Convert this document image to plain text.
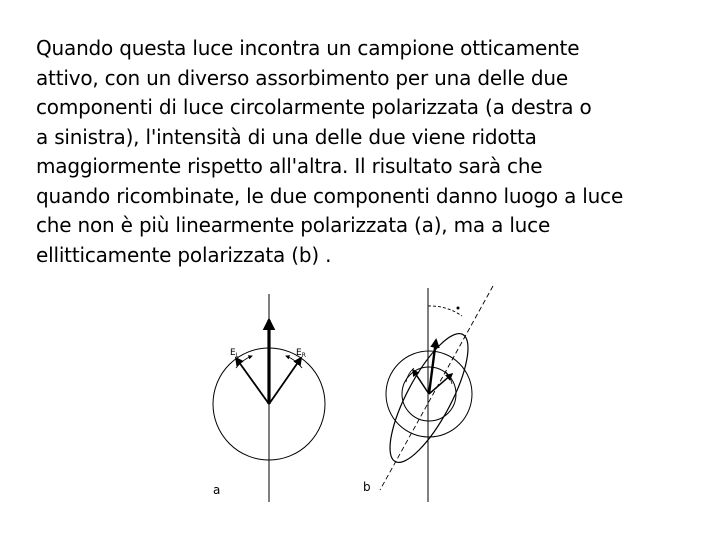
Quando questa luce incontra un campione otticamente
attivo, con un diverso assorbimento per una delle due
componenti di luce circolarmente polarizzata (a destra o
a sinistra), l'intensità di una delle due viene ridotta
maggiormente rispetto all'altra. Il risultato sarà che
quando ricombinate, le due componenti danno luogo a luce
che non è più linearmente polarizzata (a), ma a luce
ellitticamente polarizzata (b) .

$E_L$	$E_R$
a	b
